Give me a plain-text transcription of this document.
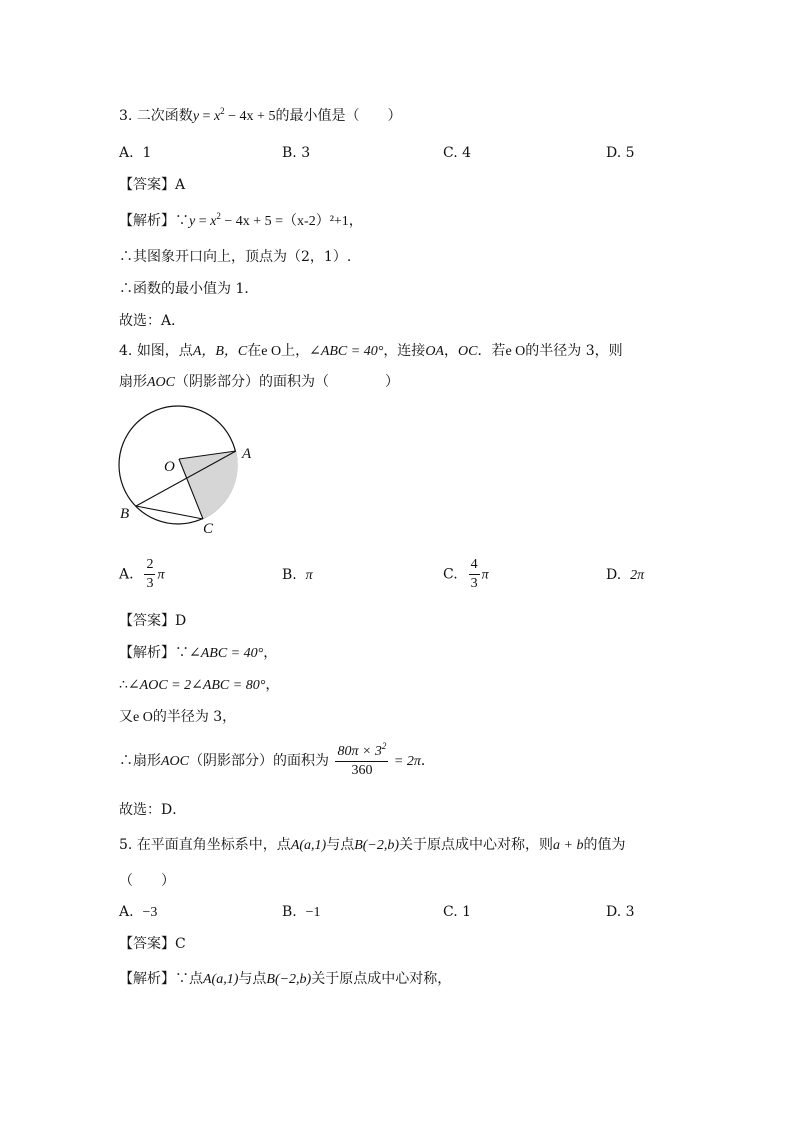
3. 二次函数$y = x^2 - 4x + 5$的最小值是（　　）
A. 1	B. 3	C. 4	D. 5
【答案】A
【解析】∵y = $x^2 - 4x + 5 =(x-2)^2+1$，
∴其图象开口向上，顶点为（2，1）.
∴函数的最小值为 1．
故选：A．
4. 如图，点A，B，C在e O上，∠ABC = 40°，连接OA，OC．若e O的半径为 3，则
扇形AOC（阴影部分）的面积为（　　　　）
O
A
B
C
A. $\frac{2}{3}$ π	B. π	C. $\frac{4}{3}$ π	D. 2π
【答案】D
【解析】∵∠ABC = 40°，
∴∠AOC = 2∠ABC = 80°，
又e O的半径为 3，
∴扇形AOC（阴影部分）的面积为 $\frac{80\pi \times 3^2}{360} = 2\pi$．
故选：D．
5. 在平面直角坐标系中，点A(a,1)与点B(−2,b)关于原点成中心对称，则a + b的值为
（　　）
A. −3	B. −1	C. 1	D. 3
【答案】C
【解析】∵点A(a,1)与点B(−2,b)关于原点成中心对称，
